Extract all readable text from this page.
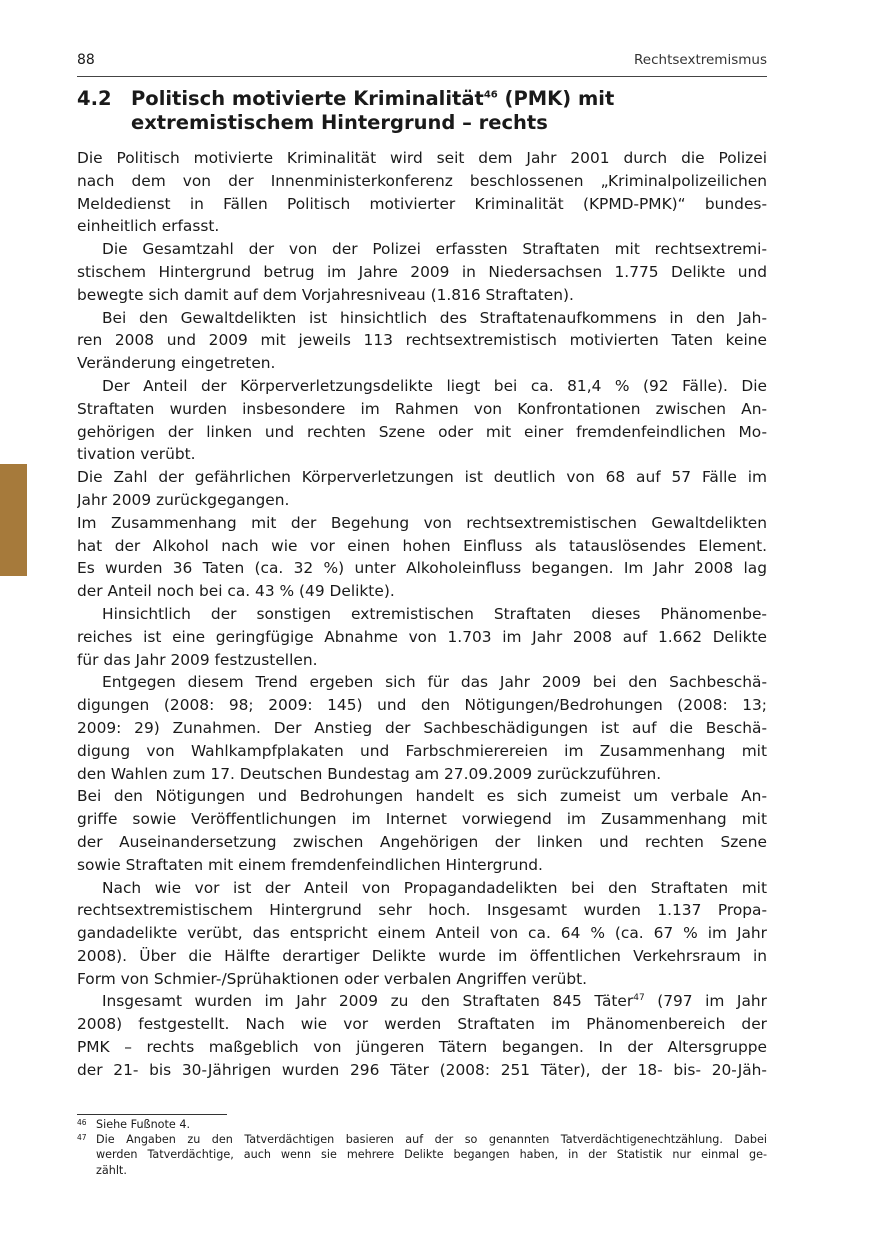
88	Rechtsextremismus
4.2 Politisch motivierte Kriminalität$^{46}$ (PMK) mit
extremistischem Hintergrund – rechts
Die Politisch motivierte Kriminalität wird seit dem Jahr 2001 durch die Polizei
nach dem von der Innenministerkonferenz beschlossenen „Kriminalpolizeilichen
Meldedienst in Fällen Politisch motivierter Kriminalität (KPMD-PMK)“ bundes-
einheitlich erfasst.
Die Gesamtzahl der von der Polizei erfassten Straftaten mit rechtsextremi-
stischem Hintergrund betrug im Jahre 2009 in Niedersachsen 1.775 Delikte und
bewegte sich damit auf dem Vorjahresniveau (1.816 Straftaten).
Bei den Gewaltdelikten ist hinsichtlich des Straftatenaufkommens in den Jah-
ren 2008 und 2009 mit jeweils 113 rechtsextremistisch motivierten Taten keine
Veränderung eingetreten.
Der Anteil der Körperverletzungsdelikte liegt bei ca. 81,4 % (92 Fälle). Die
Straftaten wurden insbesondere im Rahmen von Konfrontationen zwischen An-
gehörigen der linken und rechten Szene oder mit einer fremdenfeindlichen Mo-
tivation verübt.
Die Zahl der gefährlichen Körperverletzungen ist deutlich von 68 auf 57 Fälle im
Jahr 2009 zurückgegangen.
Im Zusammenhang mit der Begehung von rechtsextremistischen Gewaltdelikten
hat der Alkohol nach wie vor einen hohen Einfluss als tatauslösendes Element.
Es wurden 36 Taten (ca. 32 %) unter Alkoholeinfluss begangen. Im Jahr 2008 lag
der Anteil noch bei ca. 43 % (49 Delikte).
Hinsichtlich der sonstigen extremistischen Straftaten dieses Phänomenbe-
reiches ist eine geringfügige Abnahme von 1.703 im Jahr 2008 auf 1.662 Delikte
für das Jahr 2009 festzustellen.
Entgegen diesem Trend ergeben sich für das Jahr 2009 bei den Sachbeschä-
digungen (2008: 98; 2009: 145) und den Nötigungen/Bedrohungen (2008: 13;
2009: 29) Zunahmen. Der Anstieg der Sachbeschädigungen ist auf die Beschä-
digung von Wahlkampfplakaten und Farbschmierereien im Zusammenhang mit
den Wahlen zum 17. Deutschen Bundestag am 27.09.2009 zurückzuführen.
Bei den Nötigungen und Bedrohungen handelt es sich zumeist um verbale An-
griffe sowie Veröffentlichungen im Internet vorwiegend im Zusammenhang mit
der Auseinandersetzung zwischen Angehörigen der linken und rechten Szene
sowie Straftaten mit einem fremdenfeindlichen Hintergrund.
Nach wie vor ist der Anteil von Propagandadelikten bei den Straftaten mit
rechtsextremistischem Hintergrund sehr hoch. Insgesamt wurden 1.137 Propa-
gandadelikte verübt, das entspricht einem Anteil von ca. 64 % (ca. 67 % im Jahr
2008). Über die Hälfte derartiger Delikte wurde im öffentlichen Verkehrsraum in
Form von Schmier-/Sprühaktionen oder verbalen Angriffen verübt.
Insgesamt wurden im Jahr 2009 zu den Straftaten 845 Täter$^{47}$ (797 im Jahr
2008) festgestellt. Nach wie vor werden Straftaten im Phänomenbereich der
PMK – rechts maßgeblich von jüngeren Tätern begangen. In der Altersgruppe
der 21- bis 30-Jährigen wurden 296 Täter (2008: 251 Täter), der 18- bis- 20-Jäh-
46 Siehe Fußnote 4.
47 Die Angaben zu den Tatverdächtigen basieren auf der so genannten Tatverdächtigenechtzählung. Dabei
werden Tatverdächtige, auch wenn sie mehrere Delikte begangen haben, in der Statistik nur einmal ge-
zählt.
